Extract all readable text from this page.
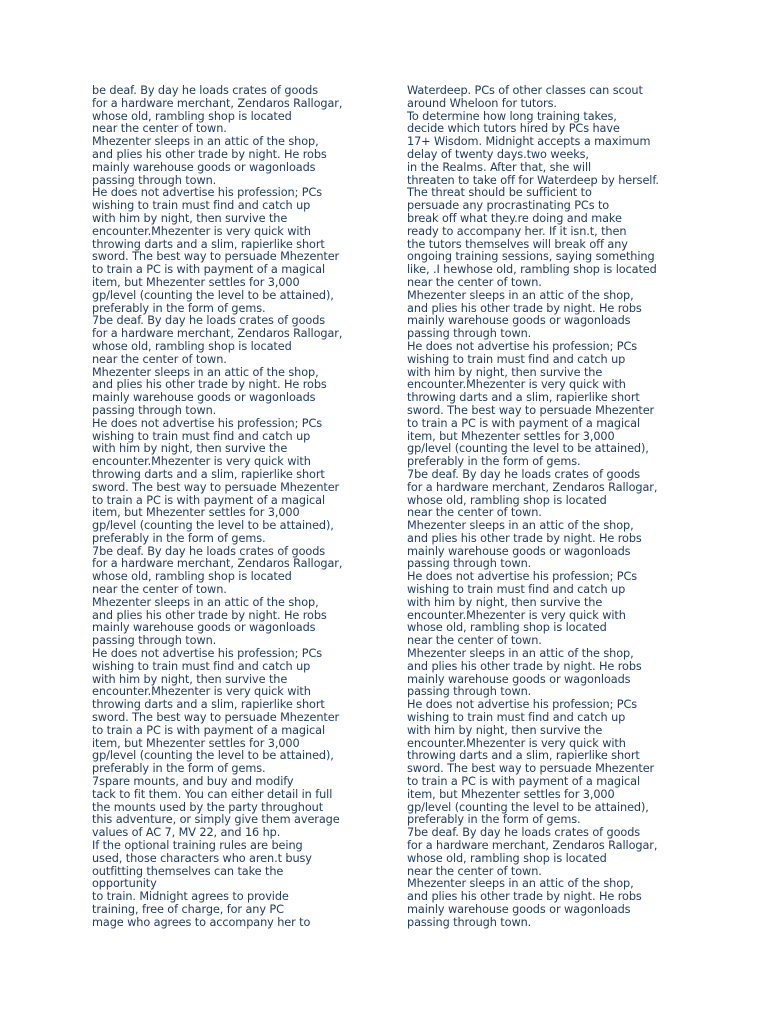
be deaf. By day he loads crates of goods
for a hardware merchant, Zendaros Rallogar,
whose old, rambling shop is located
near the center of town.
Mhezenter sleeps in an attic of the shop,
and plies his other trade by night. He robs
mainly warehouse goods or wagonloads
passing through town.
He does not advertise his profession; PCs
wishing to train must find and catch up
with him by night, then survive the
encounter.Mhezenter is very quick with
throwing darts and a slim, rapierlike short
sword. The best way to persuade Mhezenter
to train a PC is with payment of a magical
item, but Mhezenter settles for 3,000
gp/level (counting the level to be attained),
preferably in the form of gems.
7be deaf. By day he loads crates of goods
for a hardware merchant, Zendaros Rallogar,
whose old, rambling shop is located
near the center of town.
Mhezenter sleeps in an attic of the shop,
and plies his other trade by night. He robs
mainly warehouse goods or wagonloads
passing through town.
He does not advertise his profession; PCs
wishing to train must find and catch up
with him by night, then survive the
encounter.Mhezenter is very quick with
throwing darts and a slim, rapierlike short
sword. The best way to persuade Mhezenter
to train a PC is with payment of a magical
item, but Mhezenter settles for 3,000
gp/level (counting the level to be attained),
preferably in the form of gems.
7be deaf. By day he loads crates of goods
for a hardware merchant, Zendaros Rallogar,
whose old, rambling shop is located
near the center of town.
Mhezenter sleeps in an attic of the shop,
and plies his other trade by night. He robs
mainly warehouse goods or wagonloads
passing through town.
He does not advertise his profession; PCs
wishing to train must find and catch up
with him by night, then survive the
encounter.Mhezenter is very quick with
throwing darts and a slim, rapierlike short
sword. The best way to persuade Mhezenter
to train a PC is with payment of a magical
item, but Mhezenter settles for 3,000
gp/level (counting the level to be attained),
preferably in the form of gems.
7spare mounts, and buy and modify
tack to fit them. You can either detail in full
the mounts used by the party throughout
this adventure, or simply give them average
values of AC 7, MV 22, and 16 hp.
If the optional training rules are being
used, those characters who aren.t busy
outfitting themselves can take the
opportunity
to train. Midnight agrees to provide
training, free of charge, for any PC
mage who agrees to accompany her to
Waterdeep. PCs of other classes can scout
around Wheloon for tutors.
To determine how long training takes,
decide which tutors hired by PCs have
17+ Wisdom. Midnight accepts a maximum
delay of twenty days.two weeks,
in the Realms. After that, she will
threaten to take off for Waterdeep by herself.
The threat should be sufficient to
persuade any procrastinating PCs to
break off what they.re doing and make
ready to accompany her. If it isn.t, then
the tutors themselves will break off any
ongoing training sessions, saying something
like, .I hewhose old, rambling shop is located
near the center of town.
Mhezenter sleeps in an attic of the shop,
and plies his other trade by night. He robs
mainly warehouse goods or wagonloads
passing through town.
He does not advertise his profession; PCs
wishing to train must find and catch up
with him by night, then survive the
encounter.Mhezenter is very quick with
throwing darts and a slim, rapierlike short
sword. The best way to persuade Mhezenter
to train a PC is with payment of a magical
item, but Mhezenter settles for 3,000
gp/level (counting the level to be attained),
preferably in the form of gems.
7be deaf. By day he loads crates of goods
for a hardware merchant, Zendaros Rallogar,
whose old, rambling shop is located
near the center of town.
Mhezenter sleeps in an attic of the shop,
and plies his other trade by night. He robs
mainly warehouse goods or wagonloads
passing through town.
He does not advertise his profession; PCs
wishing to train must find and catch up
with him by night, then survive the
encounter.Mhezenter is very quick with
whose old, rambling shop is located
near the center of town.
Mhezenter sleeps in an attic of the shop,
and plies his other trade by night. He robs
mainly warehouse goods or wagonloads
passing through town.
He does not advertise his profession; PCs
wishing to train must find and catch up
with him by night, then survive the
encounter.Mhezenter is very quick with
throwing darts and a slim, rapierlike short
sword. The best way to persuade Mhezenter
to train a PC is with payment of a magical
item, but Mhezenter settles for 3,000
gp/level (counting the level to be attained),
preferably in the form of gems.
7be deaf. By day he loads crates of goods
for a hardware merchant, Zendaros Rallogar,
whose old, rambling shop is located
near the center of town.
Mhezenter sleeps in an attic of the shop,
and plies his other trade by night. He robs
mainly warehouse goods or wagonloads
passing through town.
